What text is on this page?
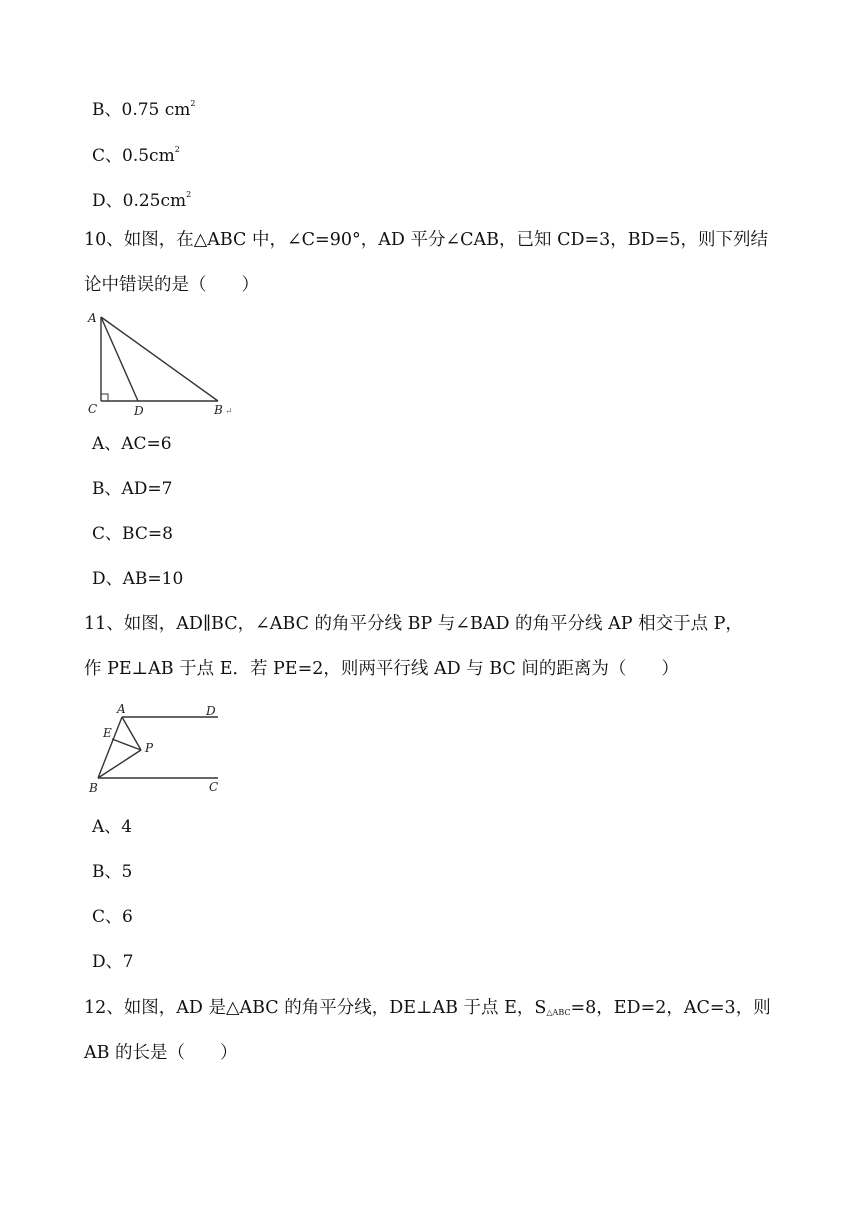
B、0.75 $cm^2$
C、$0.5cm^2$
D、$0.25cm^2$
10、如图，在△ABC 中，∠C=90°，AD 平分∠CAB，已知 CD=3，BD=5，则下列结
论中错误的是（　　）
A
C	D	B ↵
A、AC=6
B、AD=7
C、BC=8
D、AB=10
11、如图，AD∥BC，∠ABC 的角平分线 BP 与∠BAD 的角平分线 AP 相交于点 P，
作 PE⊥AB 于点 E．若 PE=2，则两平行线 AD 与 BC 间的距离为（　　）
A	D
E
P
B	C
A、4
B、5
C、6
D、7
12、如图，AD 是△ABC 的角平分线，DE⊥AB 于点 E，$S_{\triangle ABC}=8$，ED=2，AC=3，则
AB 的长是（　　）
